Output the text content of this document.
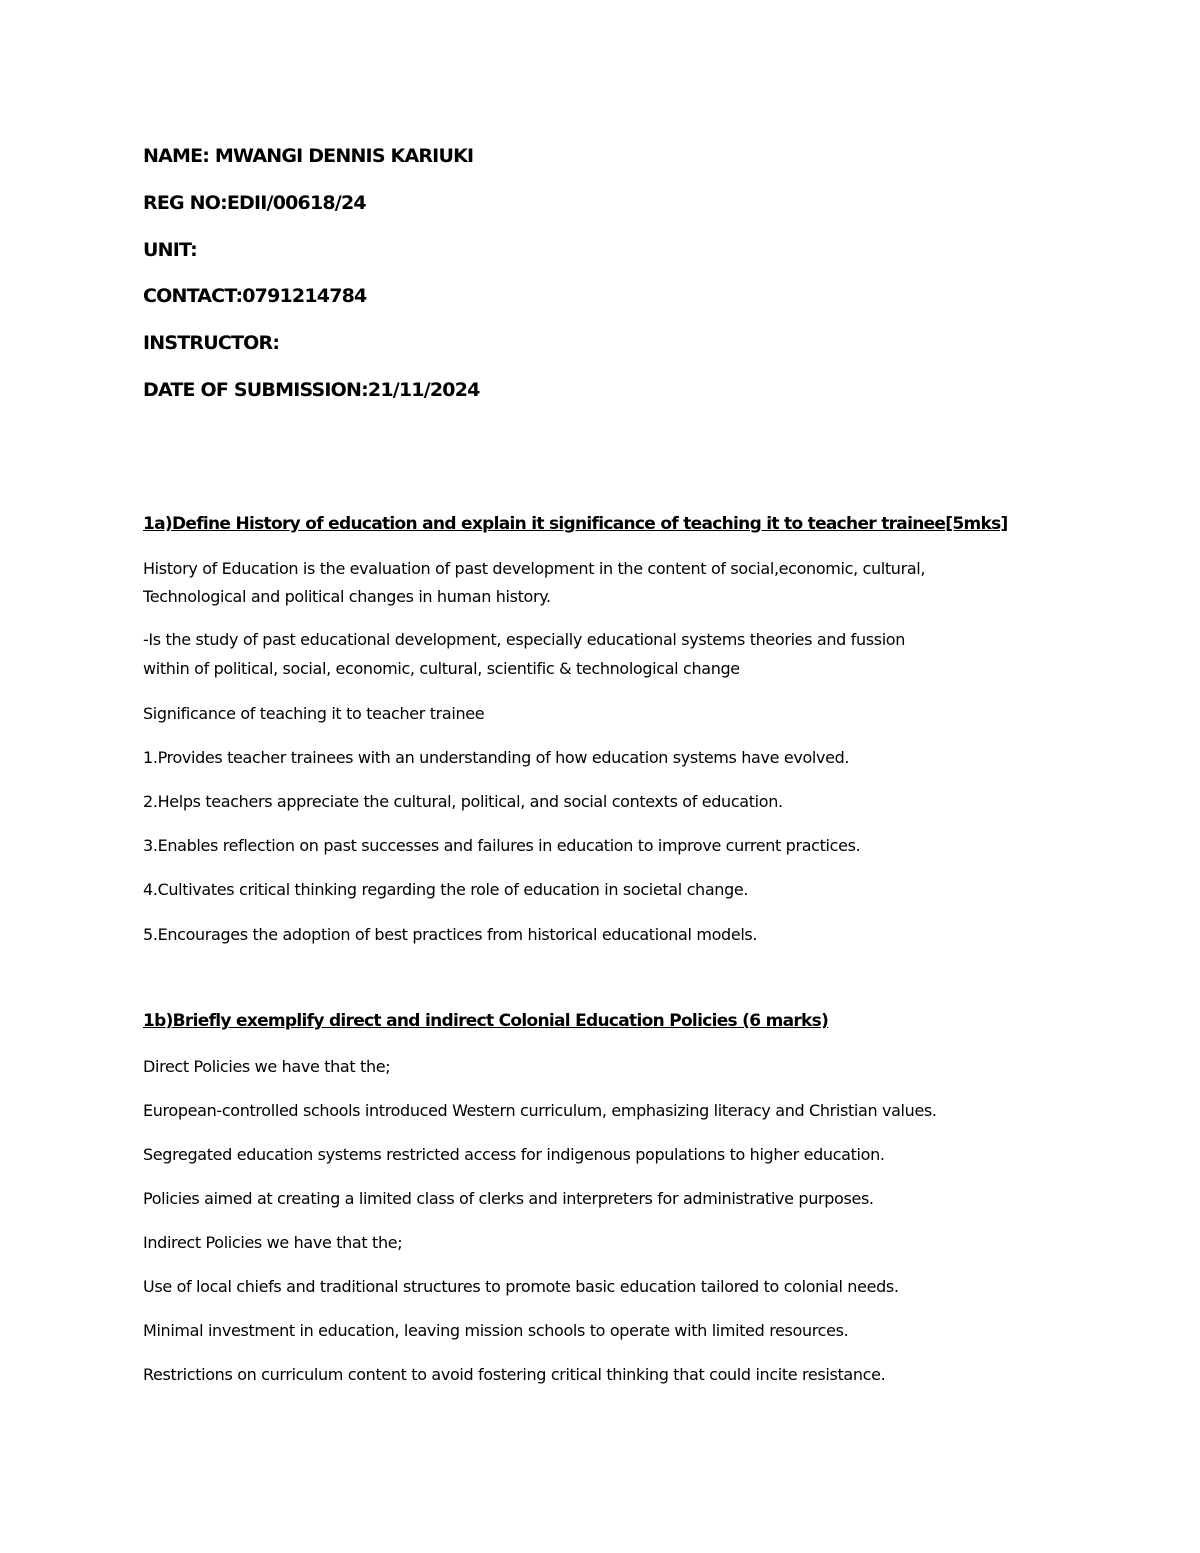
NAME: MWANGI DENNIS KARIUKI
REG NO:EDII/00618/24
UNIT:
CONTACT:0791214784
INSTRUCTOR:
DATE OF SUBMISSION:21/11/2024
1a)Define History of education and explain it significance of teaching it to teacher trainee[5mks]
History of Education is the evaluation of past development in the content of social,economic, cultural,
Technological and political changes in human history.
-Is the study of past educational development, especially educational systems theories and fussion
within of political, social, economic, cultural, scientific & technological change
Significance of teaching it to teacher trainee
1.Provides teacher trainees with an understanding of how education systems have evolved.
2.Helps teachers appreciate the cultural, political, and social contexts of education.
3.Enables reflection on past successes and failures in education to improve current practices.
4.Cultivates critical thinking regarding the role of education in societal change.
5.Encourages the adoption of best practices from historical educational models.
1b)Briefly exemplify direct and indirect Colonial Education Policies (6 marks)
Direct Policies we have that the;
European-controlled schools introduced Western curriculum, emphasizing literacy and Christian values.
Segregated education systems restricted access for indigenous populations to higher education.
Policies aimed at creating a limited class of clerks and interpreters for administrative purposes.
Indirect Policies we have that the;
Use of local chiefs and traditional structures to promote basic education tailored to colonial needs.
Minimal investment in education, leaving mission schools to operate with limited resources.
Restrictions on curriculum content to avoid fostering critical thinking that could incite resistance.
